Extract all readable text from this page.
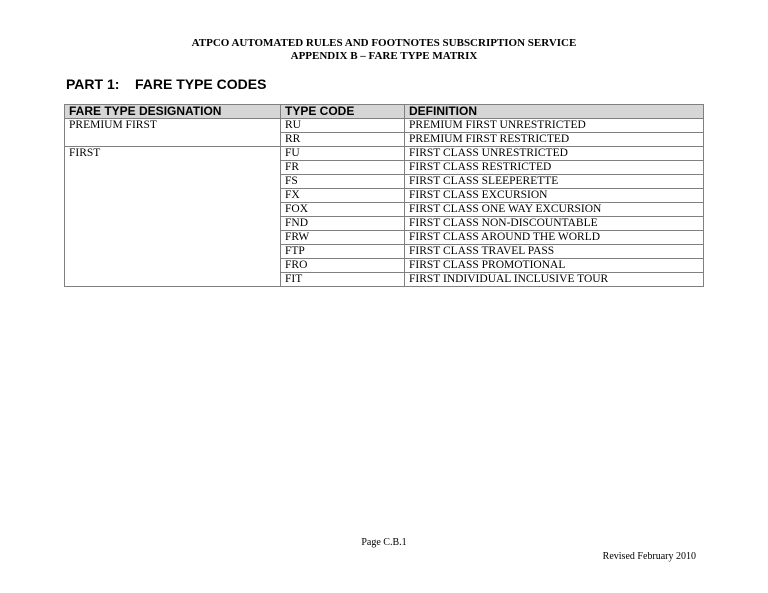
ATPCO AUTOMATED RULES AND FOOTNOTES SUBSCRIPTION SERVICE
APPENDIX B – FARE TYPE MATRIX
PART 1:    FARE TYPE CODES
FARE TYPE DESIGNATION	TYPE CODE	DEFINITION
PREMIUM FIRST	RU	PREMIUM FIRST UNRESTRICTED
	RR	PREMIUM FIRST RESTRICTED
FIRST	FU	FIRST CLASS UNRESTRICTED
	FR	FIRST CLASS RESTRICTED
	FS	FIRST CLASS SLEEPERETTE
	FX	FIRST CLASS EXCURSION
	FOX	FIRST CLASS ONE WAY EXCURSION
	FND	FIRST CLASS NON-DISCOUNTABLE
	FRW	FIRST CLASS AROUND THE WORLD
	FTP	FIRST CLASS TRAVEL PASS
	FRO	FIRST CLASS PROMOTIONAL
	FIT	FIRST INDIVIDUAL INCLUSIVE TOUR
Page C.B.1
Revised February 2010
